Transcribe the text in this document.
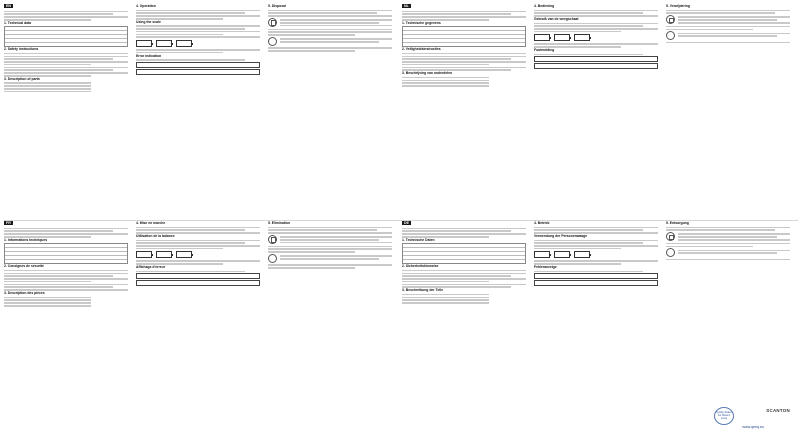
EN
1. Technical data
2. Safety instructions
3. Description of parts
4. Operation
Using the scale
Error indication
5. Disposal	NL
1. Technische gegevens
2. Veiligheidsinstructies
3. Beschrijving van onderdelen
4. Bediening
Gebruik van de weegschaal
Foutmelding
5. Verwijdering
FR
1. Informations techniques
2. Consignes de sécurité
3. Description des pièces
4. Mise en marche
Utilisation de la balance
Affichage d'erreur
5. Élimination	DE
1. Technische Daten
2. Sicherheitshinweise
3. Beschreibung der Teile
4. Betrieb
Verwendung der Personenwaage
Fehleranzeige
5. Entsorgung
Quality Scales For Modern Living
SCANTON
www.qenq.eu
